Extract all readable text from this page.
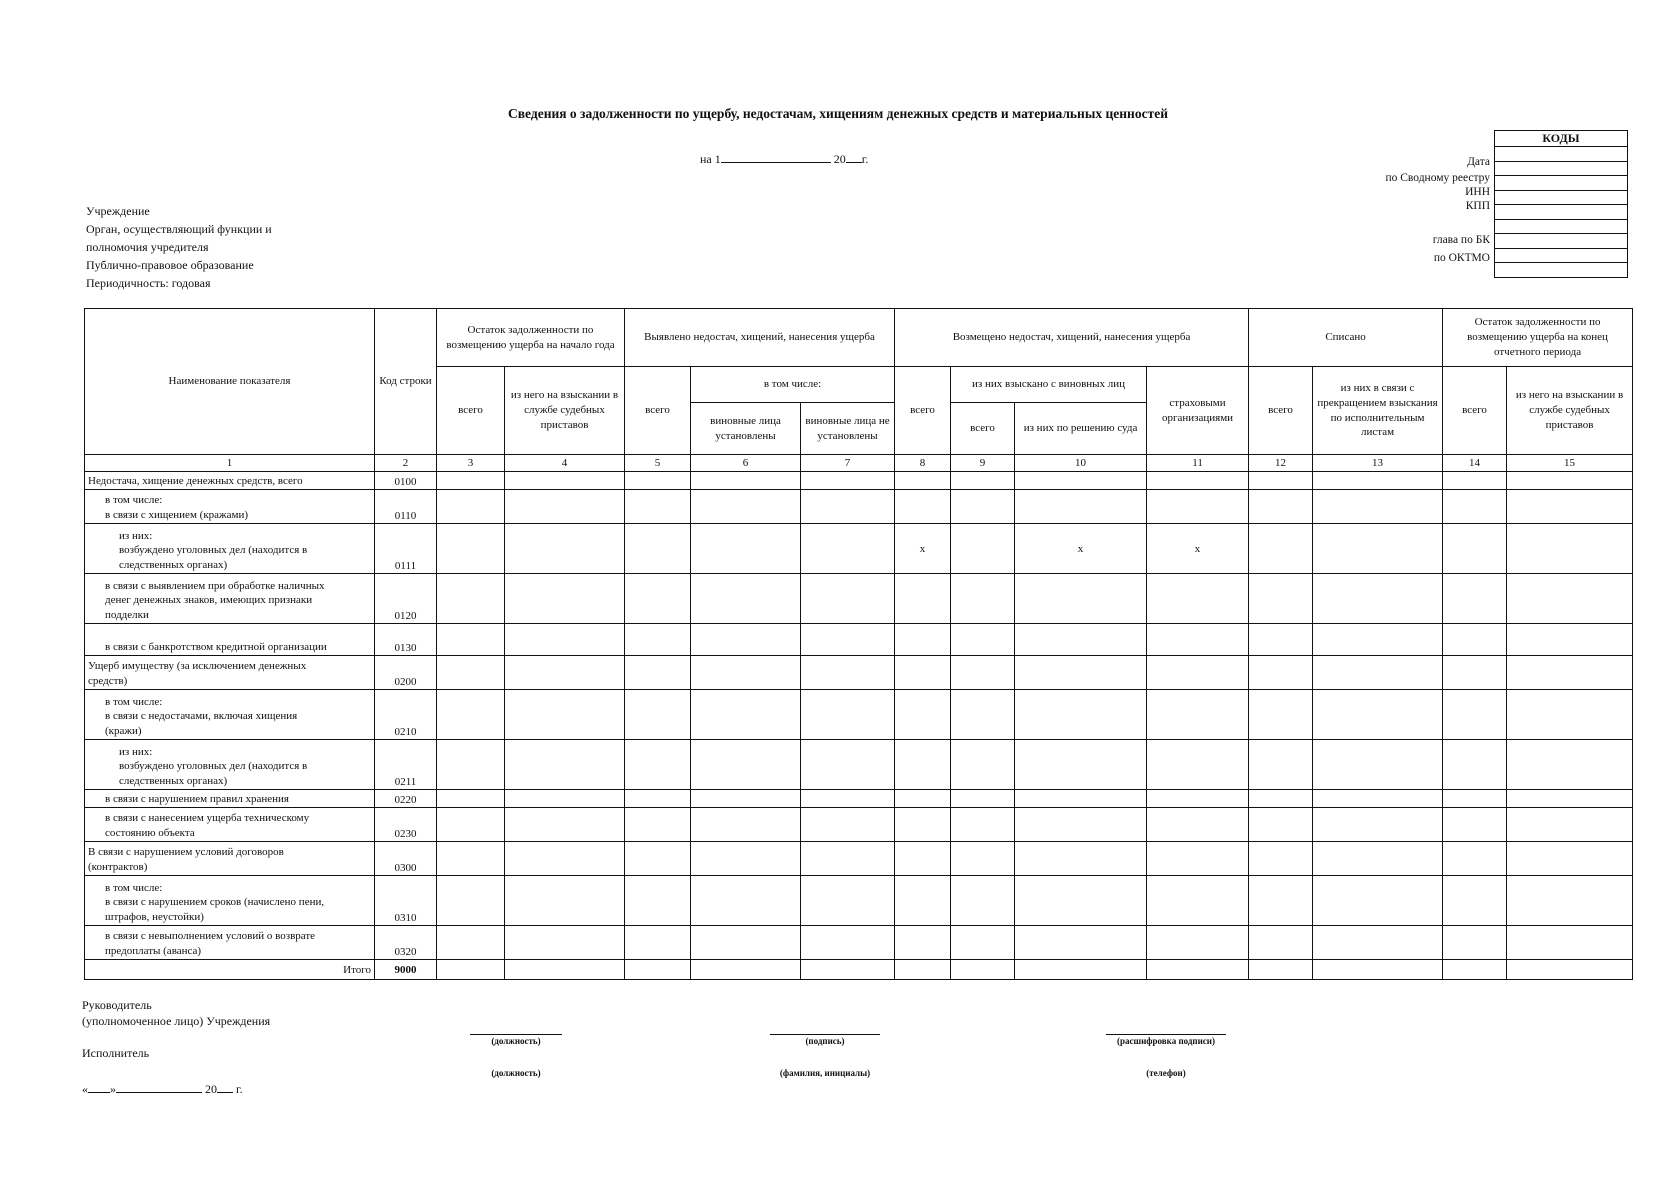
Сведения о задолженности по ущербу, недостачам, хищениям денежных средств и материальных ценностей
на 1	20 г.
Учреждение
Орган, осуществляющий функции и
полномочия учредителя
Публично-правовое образование
Периодичность: годовая
Дата
по Сводному реестру
ИНН
КПП
глава по БК
по ОКТМО
КОДЫ

Наименование показателя	Код строки	Остаток задолженности по возмещению ущерба на начало года		Выявлено недостач, хищений, нанесения ущерба			Возмещено недостач, хищений, нанесения ущерба				Списано		Остаток задолженности по возмещению ущерба на конец отчетного периода	
		всего	из него на взыскании в службе судебных приставов	всего	в том числе:		всего	из них взыскано с виновных лиц		страховыми организациями	всего	из них в связи с прекращением взыскания по исполнительным листам	всего	из него на взыскании в службе судебных приставов
					виновные лица установлены	виновные лица не установлены		всего	из них по решению суда					
1	2	3	4	5	6	7	8	9	10	11	12	13	14	15
Недостача, хищение денежных средств, всего	0100													
в том числе:
в связи с хищением (кражами)	0110													
из них:
возбуждено уголовных дел (находится в
следственных органах)	0111						x		x	x				
в связи с выявлением при обработке наличных
денег денежных знаков, имеющих признаки
подделки	0120													
в связи с банкротством кредитной организации	0130													
Ущерб имуществу (за исключением денежных
средств)	0200													
в том числе:
в связи с недостачами, включая хищения
(кражи)	0210													
из них:
возбуждено уголовных дел (находится в
следственных органах)	0211													
в связи с нарушением правил хранения	0220													
в связи с нанесением ущерба техническому
состоянию объекта	0230													
В связи с нарушением условий договоров
(контрактов)	0300													
в том числе:
в связи с нарушением сроков (начислено пени,
штрафов, неустойки)	0310													
в связи с невыполнением условий о возврате
предоплаты (аванса)	0320													
Итого	9000													
Руководитель
(уполномоченное лицо) Учреждения
(должность)	(подпись)	(расшифровка подписи)
Исполнитель
(должность)	(фамилия, инициалы)	(телефон)
« »	20 г.
